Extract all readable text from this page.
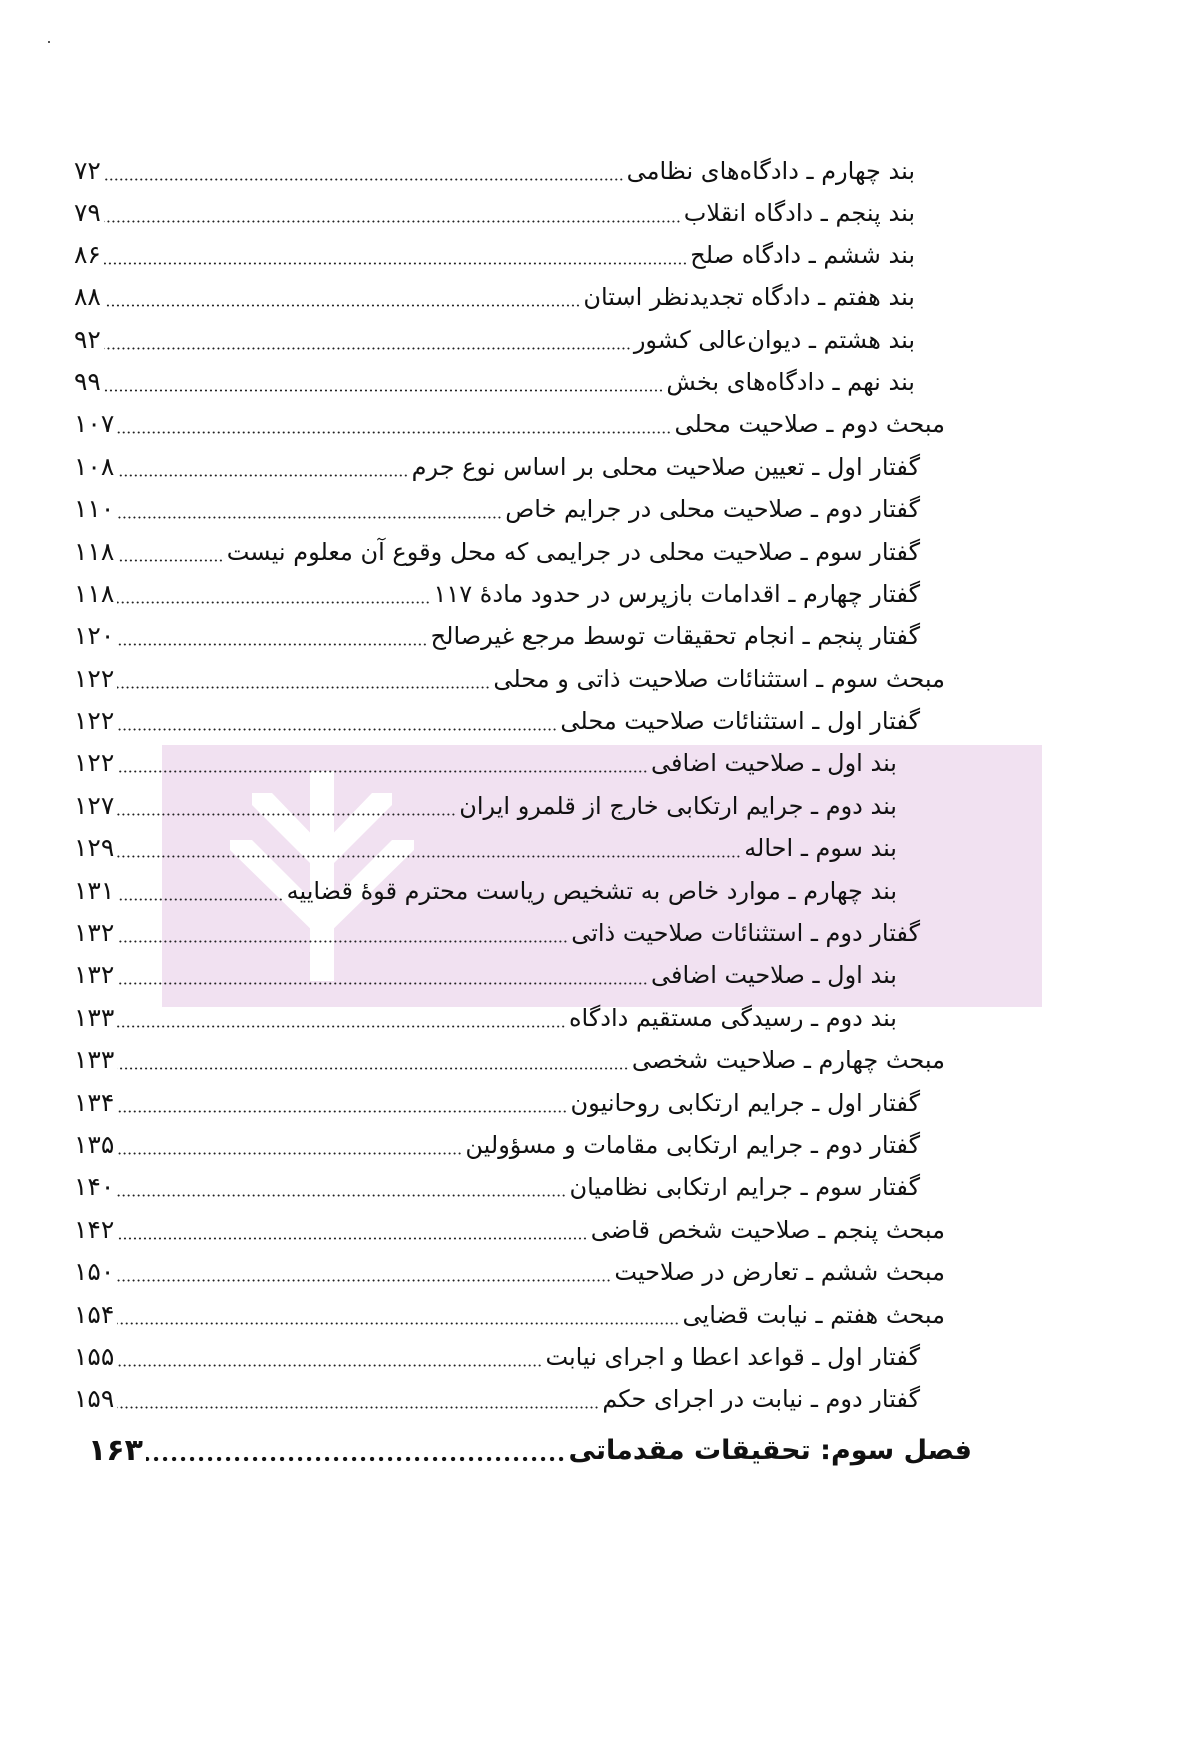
۷۲	بند چهارم ـ دادگاه‌های نظامی
۷۹	بند پنجم ـ دادگاه انقلاب
۸۶	بند ششم ـ دادگاه صلح
۸۸	بند هفتم ـ دادگاه تجدیدنظر استان
۹۲	بند هشتم ـ دیوان‌عالی کشور
۹۹	بند نهم ـ دادگاه‌های بخش
۱۰۷	مبحث دوم ـ صلاحیت محلی
۱۰۸	گفتار اول ـ تعیین صلاحیت محلی بر اساس نوع جرم
۱۱۰	گفتار دوم ـ صلاحیت محلی در جرایم خاص
۱۱۸	گفتار سوم ـ صلاحیت محلی در جرایمی که محل وقوع آن معلوم نیست
۱۱۸	گفتار چهارم ـ اقدامات بازپرس در حدود مادهٔ ۱۱۷
۱۲۰	گفتار پنجم ـ انجام تحقیقات توسط مرجع غیرصالح
۱۲۲	مبحث سوم ـ استثنائات صلاحیت ذاتی و محلی
۱۲۲	گفتار اول ـ استثنائات صلاحیت محلی
۱۲۲	بند اول ـ صلاحیت اضافی
۱۲۷	بند دوم ـ جرایم ارتکابی خارج از قلمرو ایران
۱۲۹	بند سوم ـ احاله
۱۳۱	بند چهارم ـ موارد خاص به تشخیص ریاست محترم قوهٔ قضاییه
۱۳۲	گفتار دوم ـ استثنائات صلاحیت ذاتی
۱۳۲	بند اول ـ صلاحیت اضافی
۱۳۳	بند دوم ـ رسیدگی مستقیم دادگاه
۱۳۳	مبحث چهارم ـ صلاحیت شخصی
۱۳۴	گفتار اول ـ جرایم ارتکابی روحانیون
۱۳۵	گفتار دوم ـ جرایم ارتکابی مقامات و مسؤولین
۱۴۰	گفتار سوم ـ جرایم ارتکابی نظامیان
۱۴۲	مبحث پنجم ـ صلاحیت شخص قاضی
۱۵۰	مبحث ششم ـ تعارض در صلاحیت
۱۵۴	مبحث هفتم ـ نیابت قضایی
۱۵۵	گفتار اول ـ قواعد اعطا و اجرای نیابت
۱۵۹	گفتار دوم ـ نیابت در اجرای حکم
۱۶۳	فصل سوم: تحقیقات مقدماتی
